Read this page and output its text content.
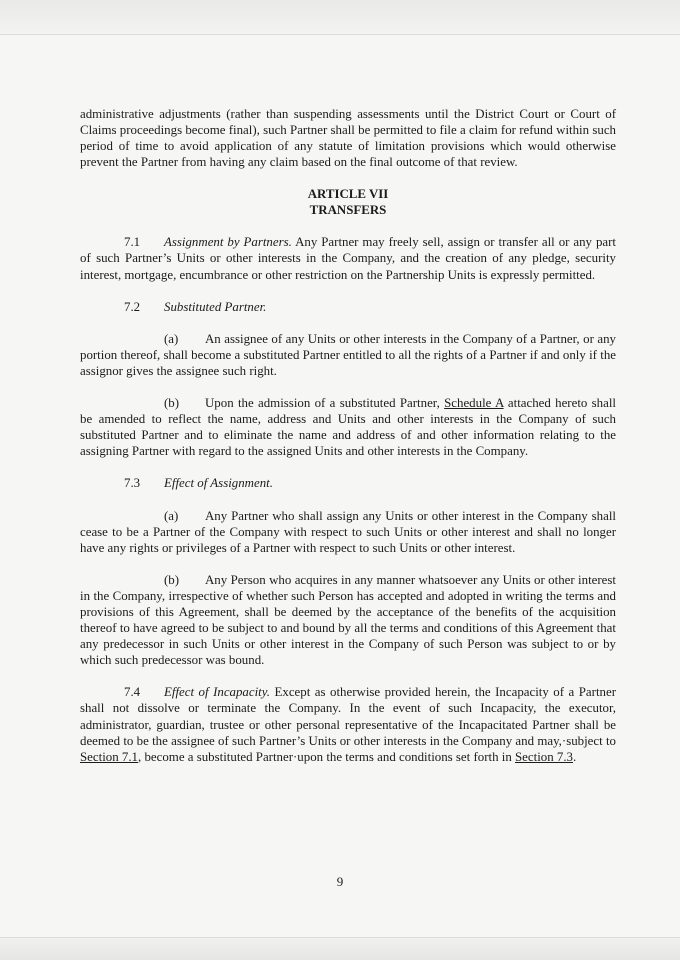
administrative adjustments (rather than suspending assessments until the District Court or Court of Claims proceedings become final), such Partner shall be permitted to file a claim for refund within such period of time to avoid application of any statute of limitation provisions which would otherwise prevent the Partner from having any claim based on the final outcome of that review.

ARTICLE VII
TRANSFERS

7.1 Assignment by Partners. Any Partner may freely sell, assign or transfer all or any part of such Partner’s Units or other interests in the Company, and the creation of any pledge, security interest, mortgage, encumbrance or other restriction on the Partnership Units is expressly permitted.

7.2 Substituted Partner.

(a) An assignee of any Units or other interests in the Company of a Partner, or any portion thereof, shall become a substituted Partner entitled to all the rights of a Partner if and only if the assignor gives the assignee such right.

(b) Upon the admission of a substituted Partner, Schedule A attached hereto shall be amended to reflect the name, address and Units and other interests in the Company of such substituted Partner and to eliminate the name and address of and other information relating to the assigning Partner with regard to the assigned Units and other interests in the Company.

7.3 Effect of Assignment.

(a) Any Partner who shall assign any Units or other interest in the Company shall cease to be a Partner of the Company with respect to such Units or other interest and shall no longer have any rights or privileges of a Partner with respect to such Units or other interest.

(b) Any Person who acquires in any manner whatsoever any Units or other interest in the Company, irrespective of whether such Person has accepted and adopted in writing the terms and provisions of this Agreement, shall be deemed by the acceptance of the benefits of the acquisition thereof to have agreed to be subject to and bound by all the terms and conditions of this Agreement that any predecessor in such Units or other interest in the Company of such Person was subject to or by which such predecessor was bound.

7.4 Effect of Incapacity. Except as otherwise provided herein, the Incapacity of a Partner shall not dissolve or terminate the Company. In the event of such Incapacity, the executor, administrator, guardian, trustee or other personal representative of the Incapacitated Partner shall be deemed to be the assignee of such Partner’s Units or other interests in the Company and may,·subject to Section 7.1, become a substituted Partner·upon the terms and conditions set forth in Section 7.3.

9
